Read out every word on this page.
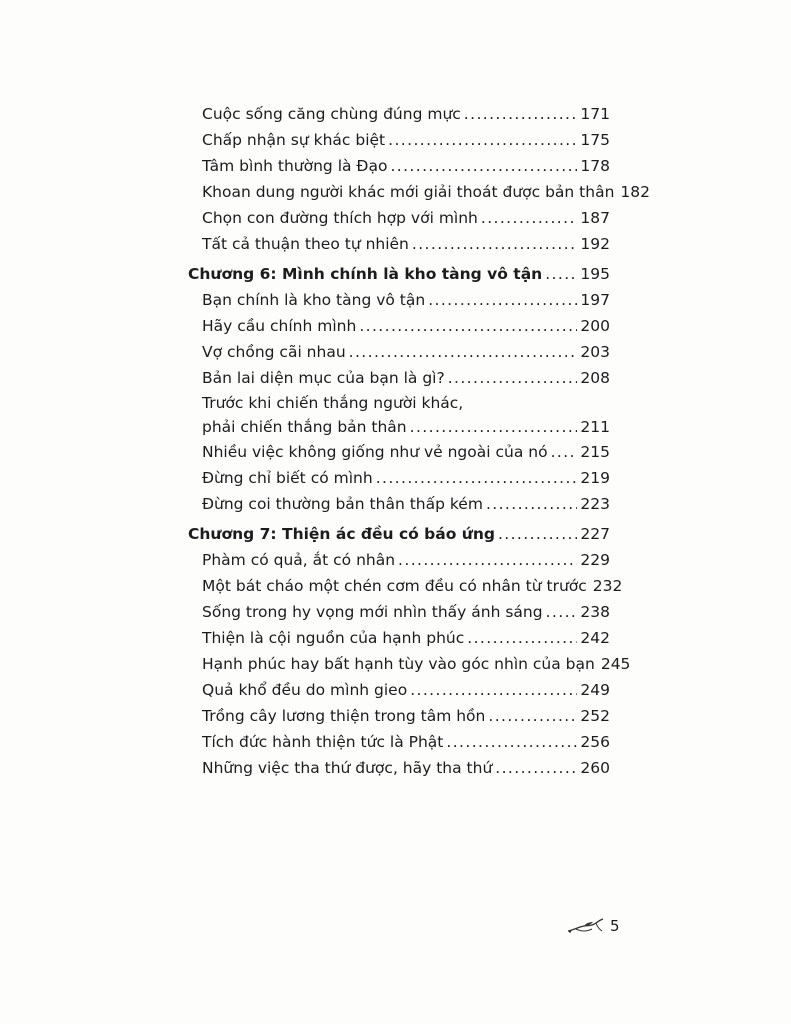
Cuộc sống căng chùng đúng mực .....	171
Chấp nhận sự khác biệt .....	175
Tâm bình thường là Đạo .....	178
Khoan dung người khác mới giải thoát được bản thân 182
Chọn con đường thích hợp với mình .....	187
Tất cả thuận theo tự nhiên .....	192
Chương 6: Mình chính là kho tàng vô tận ..... 195
Bạn chính là kho tàng vô tận .....	197
Hãy cầu chính mình .....	200
Vợ chồng cãi nhau .....	203
Bản lai diện mục của bạn là gì? .....	208
Trước khi chiến thắng người khác,
phải chiến thắng bản thân .....	211
Nhiều việc không giống như vẻ ngoài của nó ..... 215
Đừng chỉ biết có mình .....	219
Đừng coi thường bản thân thấp kém .....	223
Chương 7: Thiện ác đều có báo ứng .....	227
Phàm có quả, ắt có nhân .....	229
Một bát cháo một chén cơm đều có nhân từ trước 232
Sống trong hy vọng mới nhìn thấy ánh sáng ..... 238
Thiện là cội nguồn của hạnh phúc .....	242
Hạnh phúc hay bất hạnh tùy vào góc nhìn của bạn 245
Quả khổ đều do mình gieo .....	249
Trồng cây lương thiện trong tâm hồn .....	252
Tích đức hành thiện tức là Phật .....	256
Những việc tha thứ được, hãy tha thứ .....	260
5
